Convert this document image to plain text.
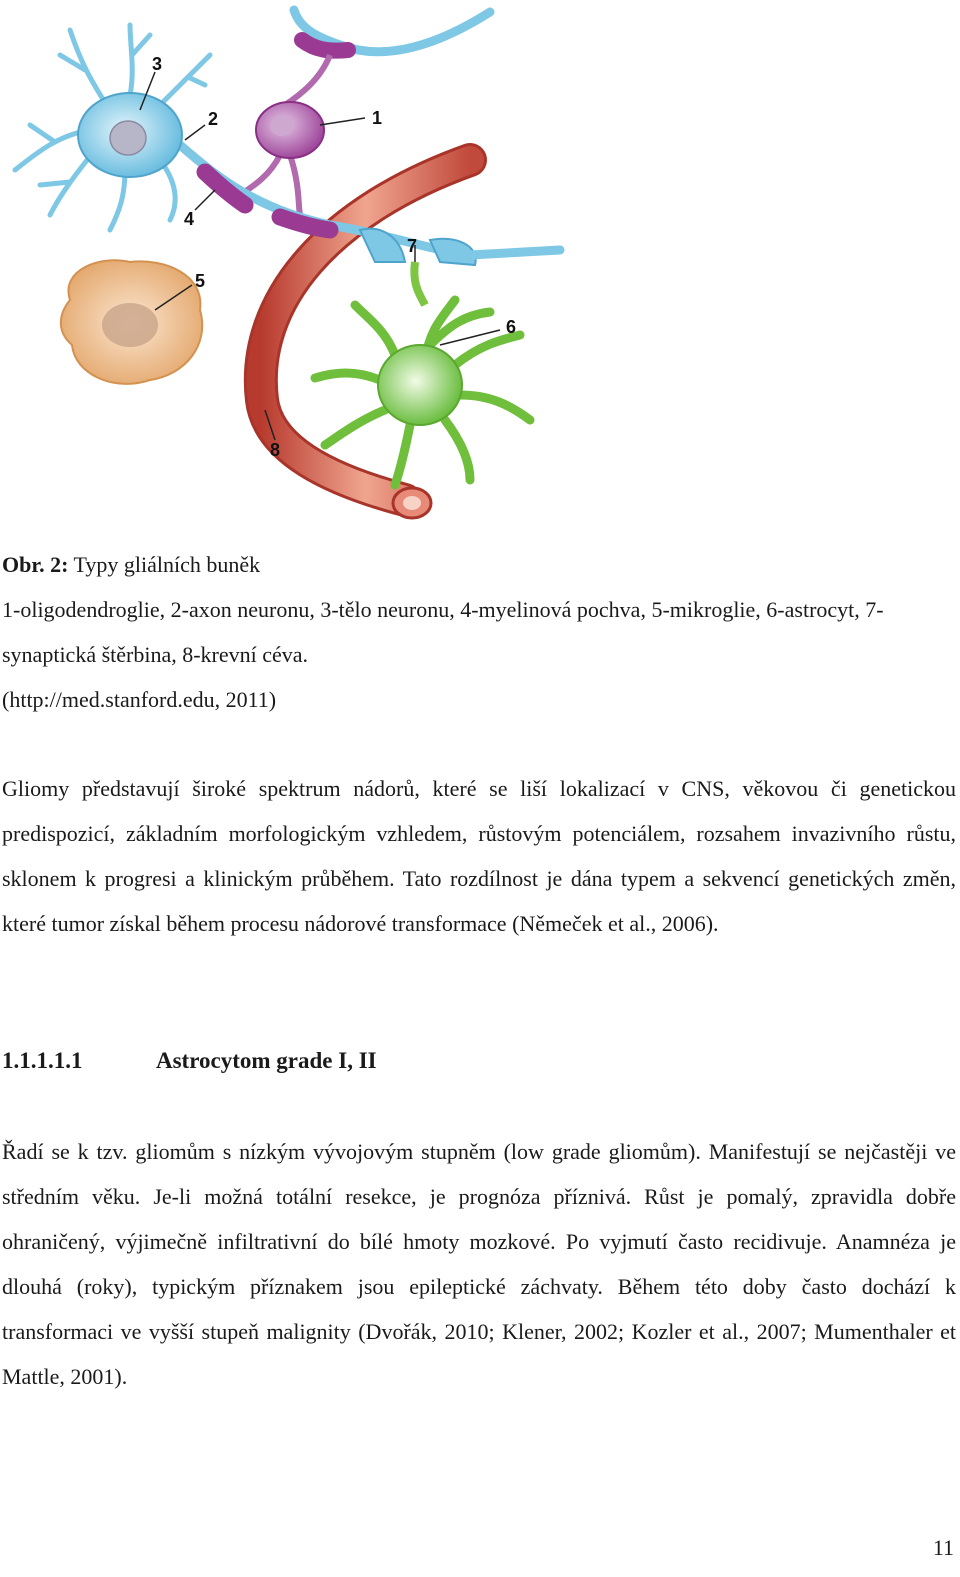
1
2
3
4
5
6
7
8
Obr. 2: Typy gliálních buněk
1-oligodendroglie, 2-axon neuronu, 3-tělo neuronu, 4-myelinová pochva, 5-mikroglie, 6-astrocyt, 7-synaptická štěrbina, 8-krevní céva.
(http://med.stanford.edu, 2011)

Gliomy představují široké spektrum nádorů, které se liší lokalizací v CNS, věkovou či genetickou predispozicí, základním morfologickým vzhledem, růstovým potenciálem, rozsahem invazivního růstu, sklonem k progresi a klinickým průběhem. Tato rozdílnost je dána typem a sekvencí genetických změn, které tumor získal během procesu nádorové transformace (Němeček et al., 2006).

1.1.1.1.1	Astrocytom grade I, II

Řadí se k tzv. gliomům s nízkým vývojovým stupněm (low grade gliomům). Manifestují se nejčastěji ve středním věku. Je-li možná totální resekce, je prognóza příznivá. Růst je pomalý, zpravidla dobře ohraničený, výjimečně infiltrativní do bílé hmoty mozkové. Po vyjmutí často recidivuje. Anamnéza je dlouhá (roky), typickým příznakem jsou epileptické záchvaty. Během této doby často dochází k transformaci ve vyšší stupeň malignity (Dvořák, 2010; Klener, 2002; Kozler et al., 2007; Mumenthaler et Mattle, 2001).

11
